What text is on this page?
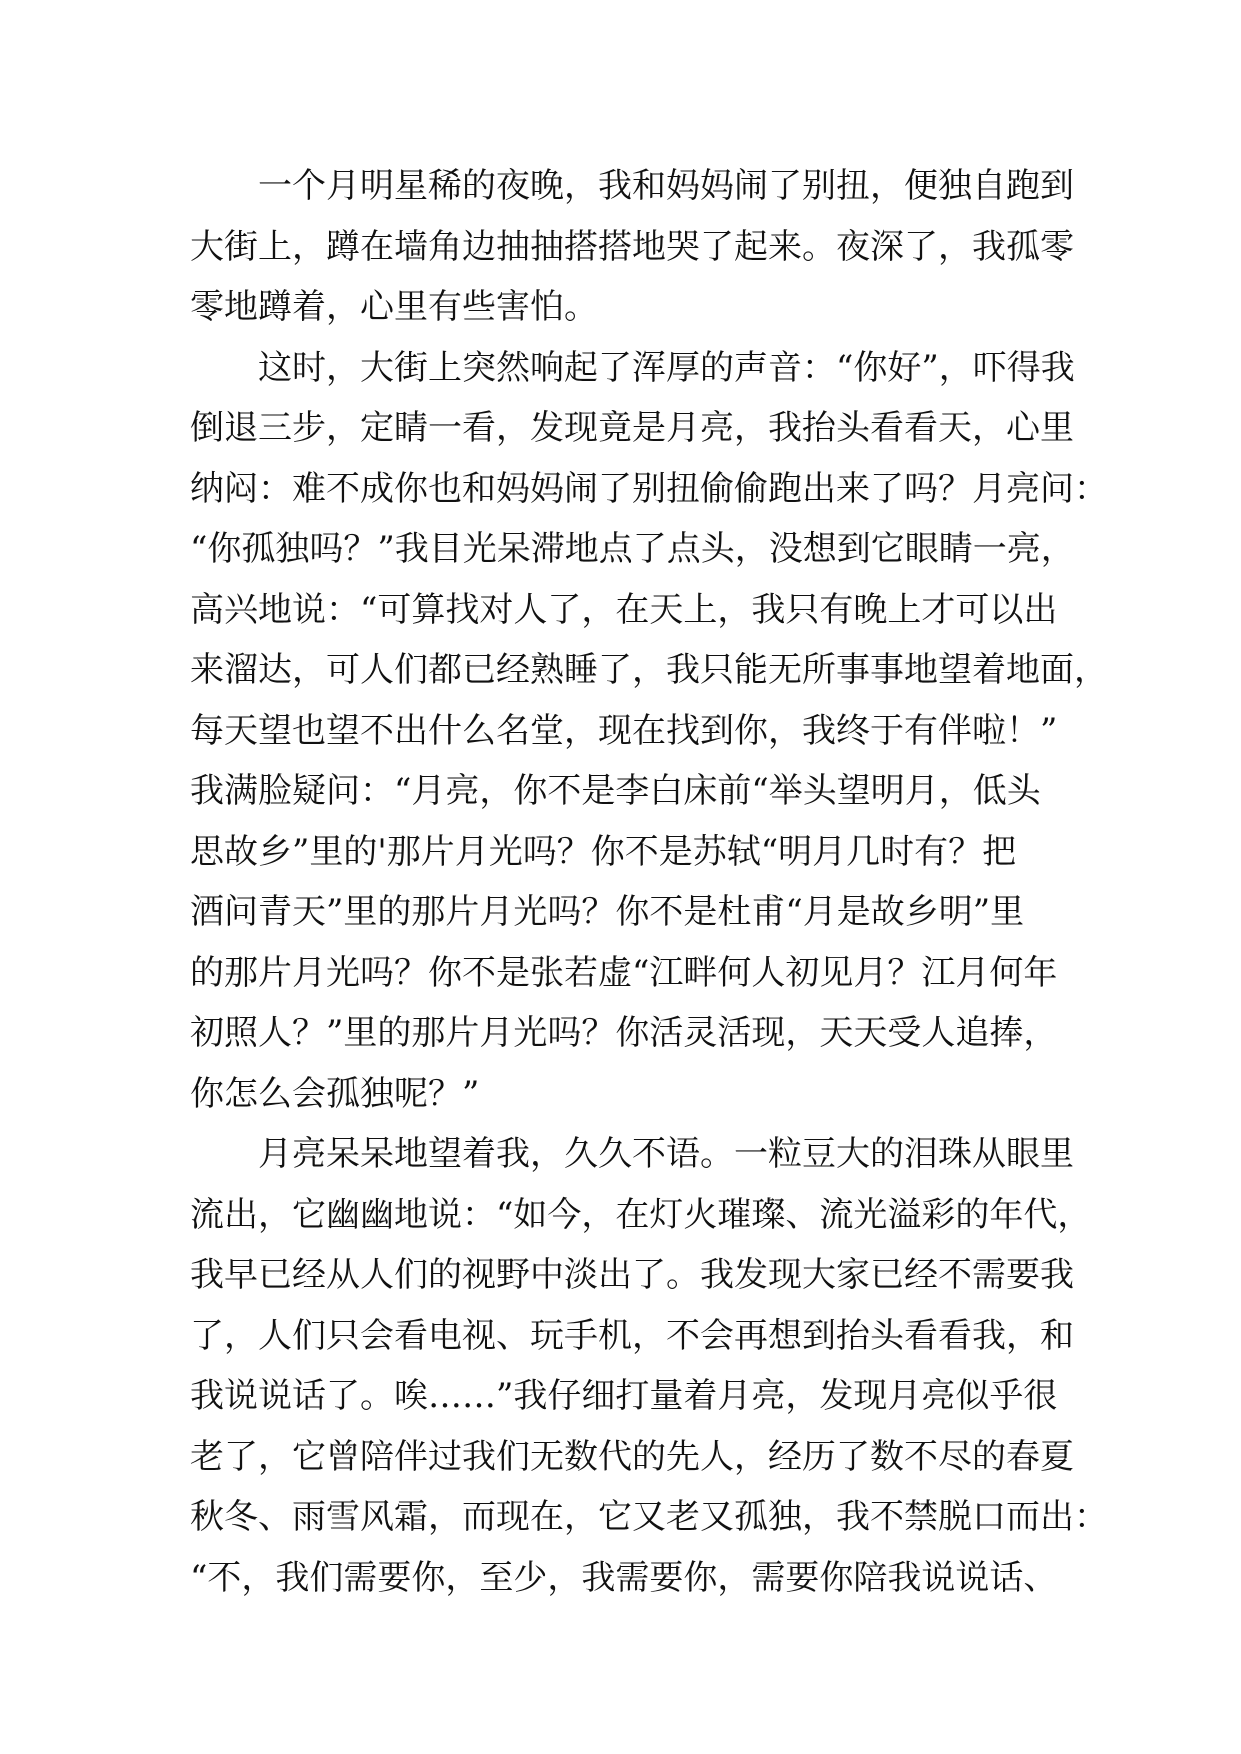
一个月明星稀的夜晚，我和妈妈闹了别扭，便独自跑到
大街上，蹲在墙角边抽抽搭搭地哭了起来。夜深了，我孤零
零地蹲着，心里有些害怕。
这时，大街上突然响起了浑厚的声音：“你好”，吓得我
倒退三步，定睛一看，发现竟是月亮，我抬头看看天，心里
纳闷：难不成你也和妈妈闹了别扭偷偷跑出来了吗？月亮问：
“你孤独吗？”我目光呆滞地点了点头，没想到它眼睛一亮，
高兴地说：“可算找对人了，在天上，我只有晚上才可以出
来溜达，可人们都已经熟睡了，我只能无所事事地望着地面，
每天望也望不出什么名堂，现在找到你，我终于有伴啦！”
我满脸疑问：“月亮，你不是李白床前“举头望明月，低头
思故乡”里的'那片月光吗？你不是苏轼“明月几时有？把
酒问青天”里的那片月光吗？你不是杜甫“月是故乡明”里
的那片月光吗？你不是张若虚“江畔何人初见月？江月何年
初照人？”里的那片月光吗？你活灵活现，天天受人追捧，
你怎么会孤独呢？”
月亮呆呆地望着我，久久不语。一粒豆大的泪珠从眼里
流出，它幽幽地说：“如今，在灯火璀璨、流光溢彩的年代，
我早已经从人们的视野中淡出了。我发现大家已经不需要我
了，人们只会看电视、玩手机，不会再想到抬头看看我，和
我说说话了。唉……”我仔细打量着月亮，发现月亮似乎很
老了，它曾陪伴过我们无数代的先人，经历了数不尽的春夏
秋冬、雨雪风霜，而现在，它又老又孤独，我不禁脱口而出：
“不，我们需要你，至少，我需要你，需要你陪我说说话、
